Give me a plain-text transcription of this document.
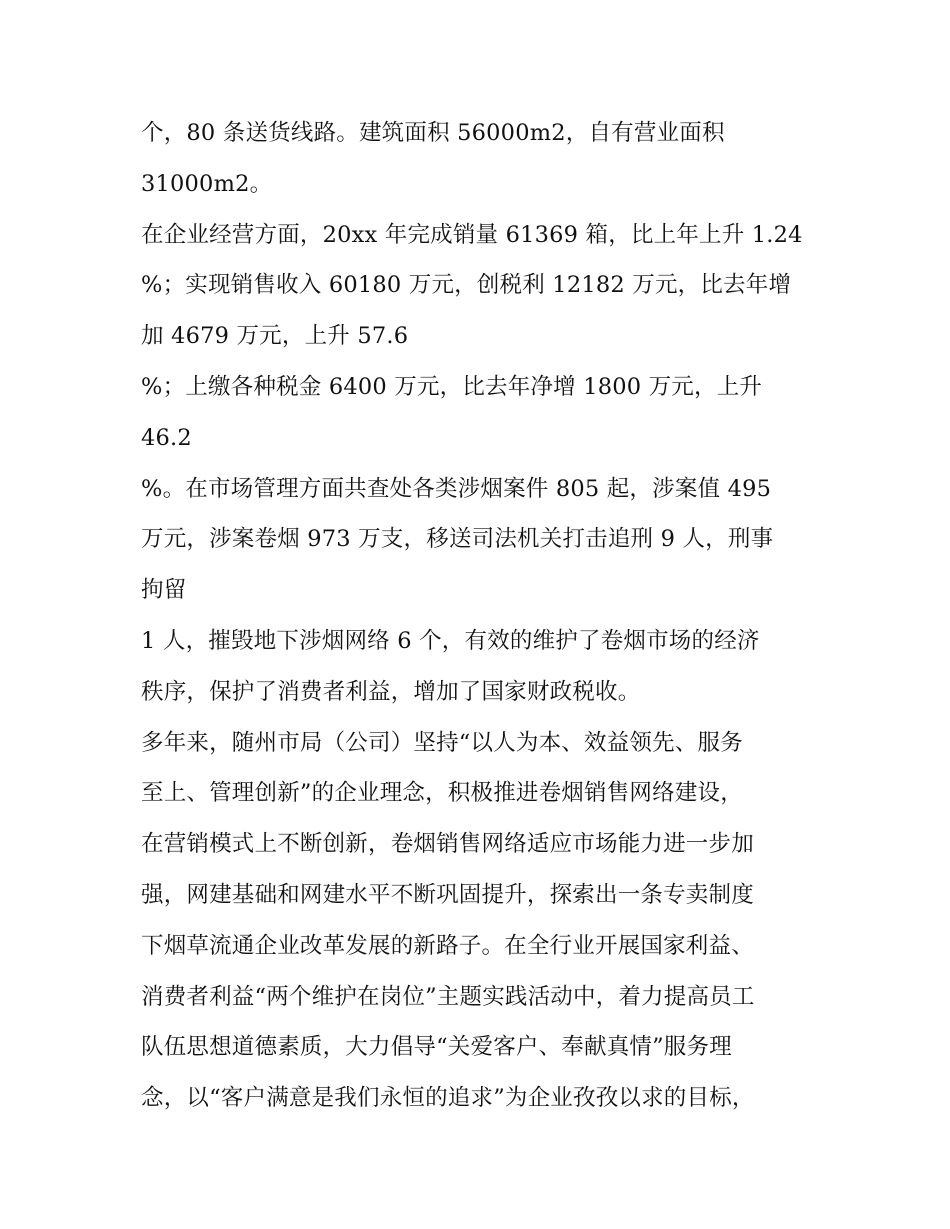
个，80 条送货线路。建筑面积 56000m2，自有营业面积
31000m2。
在企业经营方面，20xx 年完成销量 61369 箱，比上年上升 1.24
%；实现销售收入 60180 万元，创税利 12182 万元，比去年增
加 4679 万元，上升 57.6
%；上缴各种税金 6400 万元，比去年净增 1800 万元，上升
46.2
%。在市场管理方面共查处各类涉烟案件 805 起，涉案值 495
万元，涉案卷烟 973 万支，移送司法机关打击追刑 9 人，刑事
拘留
1 人，摧毁地下涉烟网络 6 个，有效的维护了卷烟市场的经济
秩序，保护了消费者利益，增加了国家财政税收。
多年来，随州市局（公司）坚持“以人为本、效益领先、服务
至上、管理创新”的企业理念，积极推进卷烟销售网络建设，
在营销模式上不断创新，卷烟销售网络适应市场能力进一步加
强，网建基础和网建水平不断巩固提升，探索出一条专卖制度
下烟草流通企业改革发展的新路子。在全行业开展国家利益、
消费者利益“两个维护在岗位”主题实践活动中，着力提高员工
队伍思想道德素质，大力倡导“关爱客户、奉献真情”服务理
念，以“客户满意是我们永恒的追求”为企业孜孜以求的目标，
